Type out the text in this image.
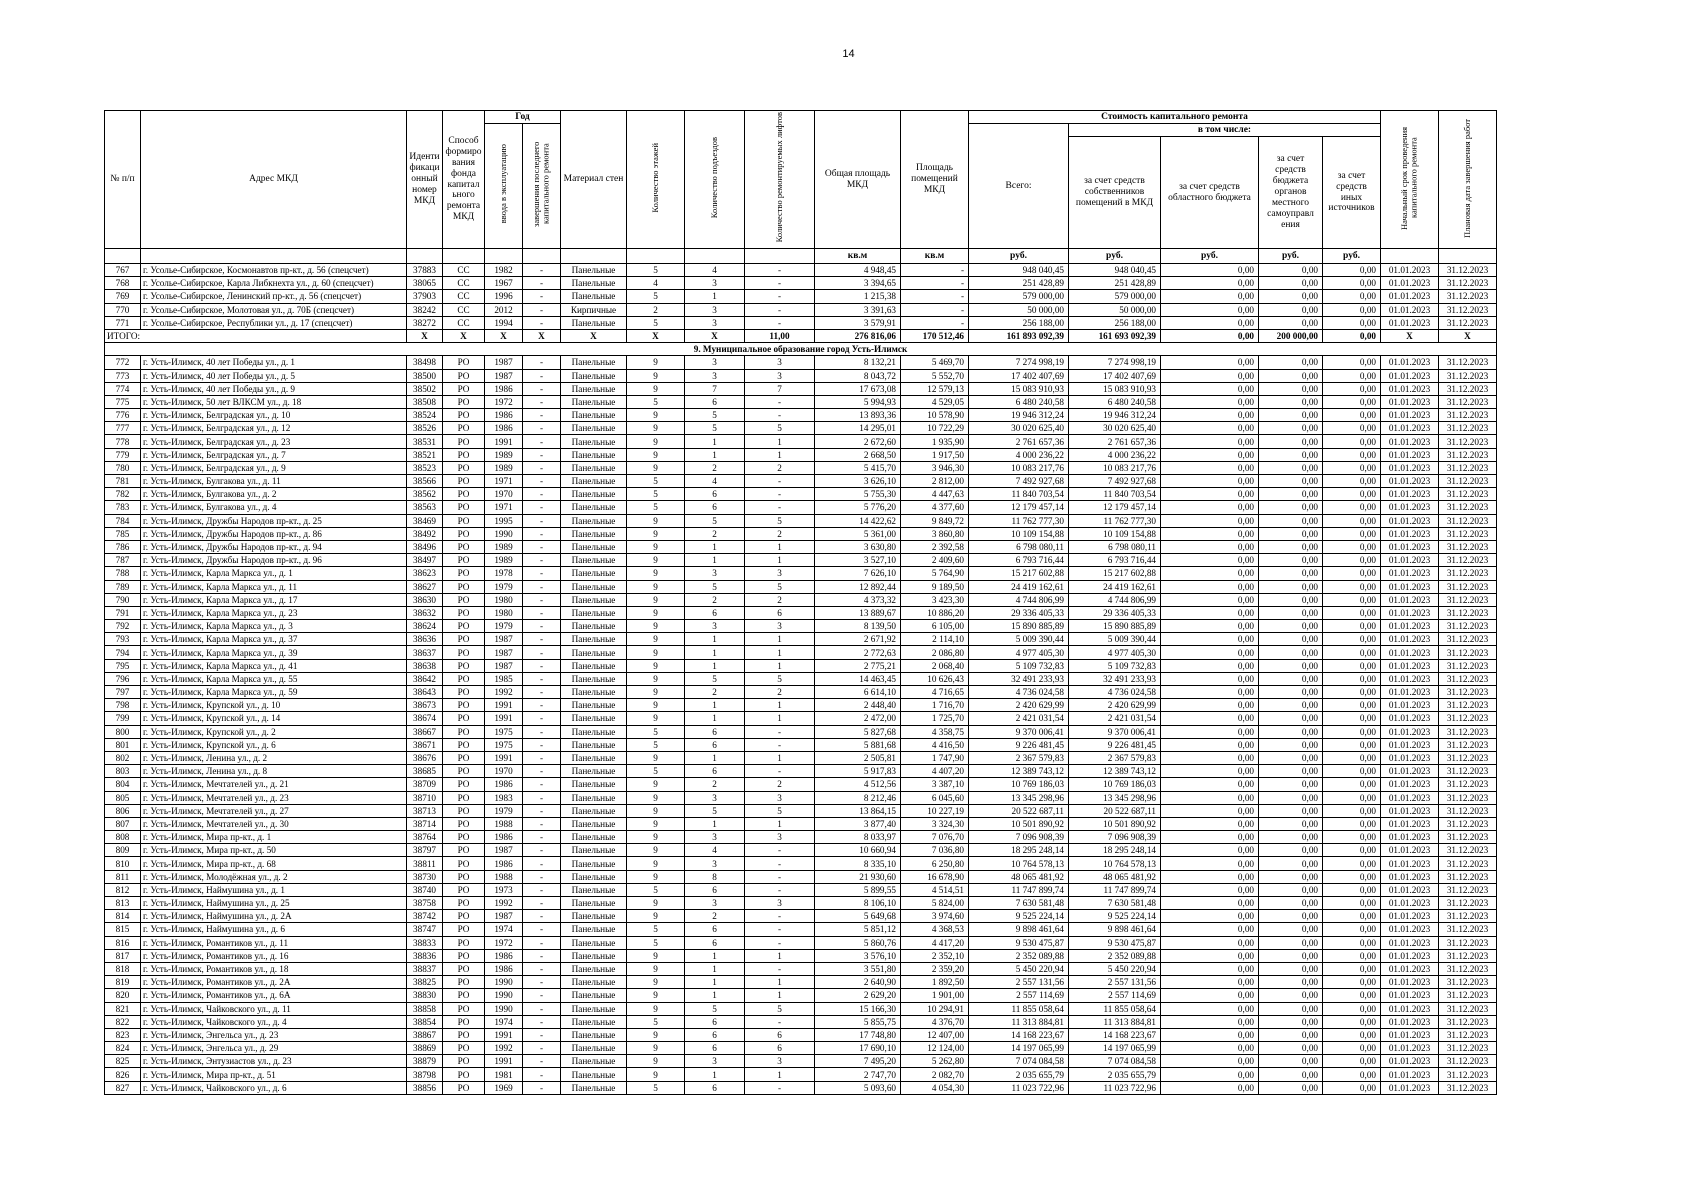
14
№ п/п	Адрес МКД	Иденти фикаци онный номер МКД	Способ формиро вания фонда капитал ьного ремонта МКД	Год		Материал стен	Количество этажей	Количество подъездов	Количество ремонтируемых лифтов	Общая площадь МКД	Площадь помещений МКД	Стоимость капитального ремонта					Начальный срок проведения капитального ремонта	Плановая дата завершения работ
				ввода в эксплуатацию	завершения последнего капитального ремонта							Всего:	в том числе:					
													за счет средств собственников помещений в МКД	за счет средств областного бюджета	за счет средств бюджета органов местного самоуправл ения	за счет средств иных источников		
										кв.м	кв.м	руб.	руб.	руб.	руб.	руб.		
767	г. Усолье-Сибирское, Космонавтов пр-кт., д. 56 (спецсчет)	37883	СС	1982	-	Панельные	5	4	-	4 948,45	-	948 040,45	948 040,45	0,00	0,00	0,00	01.01.2023	31.12.2023
768	г. Усолье-Сибирское, Карла Либкнехта ул., д. 60 (спецсчет)	38065	СС	1967	-	Панельные	4	3	-	3 394,65	-	251 428,89	251 428,89	0,00	0,00	0,00	01.01.2023	31.12.2023
769	г. Усолье-Сибирское, Ленинский пр-кт., д. 56 (спецсчет)	37903	СС	1996	-	Панельные	5	1	-	1 215,38	-	579 000,00	579 000,00	0,00	0,00	0,00	01.01.2023	31.12.2023
770	г. Усолье-Сибирское, Молотовая ул., д. 70Б (спецсчет)	38242	СС	2012	-	Кирпичные	2	3	-	3 391,63	-	50 000,00	50 000,00	0,00	0,00	0,00	01.01.2023	31.12.2023
771	г. Усолье-Сибирское, Республики ул., д. 17 (спецсчет)	38272	СС	1994	-	Панельные	5	3	-	3 579,91	-	256 188,00	256 188,00	0,00	0,00	0,00	01.01.2023	31.12.2023
ИТОГО:		X	X	X	X	X	X	X	11,00	276 816,06	170 512,46	161 893 092,39	161 693 092,39	0,00	200 000,00	0,00	X	X
9. Муниципальное образование город Усть-Илимск																		
772	г. Усть-Илимск, 40 лет Победы ул., д. 1	38498	РО	1987	-	Панельные	9	3	3	8 132,21	5 469,70	7 274 998,19	7 274 998,19	0,00	0,00	0,00	01.01.2023	31.12.2023
773	г. Усть-Илимск, 40 лет Победы ул., д. 5	38500	РО	1987	-	Панельные	9	3	3	8 043,72	5 552,70	17 402 407,69	17 402 407,69	0,00	0,00	0,00	01.01.2023	31.12.2023
774	г. Усть-Илимск, 40 лет Победы ул., д. 9	38502	РО	1986	-	Панельные	9	7	7	17 673,08	12 579,13	15 083 910,93	15 083 910,93	0,00	0,00	0,00	01.01.2023	31.12.2023
775	г. Усть-Илимск, 50 лет ВЛКСМ ул., д. 18	38508	РО	1972	-	Панельные	5	6	-	5 994,93	4 529,05	6 480 240,58	6 480 240,58	0,00	0,00	0,00	01.01.2023	31.12.2023
776	г. Усть-Илимск, Белградская ул., д. 10	38524	РО	1986	-	Панельные	9	5	-	13 893,36	10 578,90	19 946 312,24	19 946 312,24	0,00	0,00	0,00	01.01.2023	31.12.2023
777	г. Усть-Илимск, Белградская ул., д. 12	38526	РО	1986	-	Панельные	9	5	5	14 295,01	10 722,29	30 020 625,40	30 020 625,40	0,00	0,00	0,00	01.01.2023	31.12.2023
778	г. Усть-Илимск, Белградская ул., д. 23	38531	РО	1991	-	Панельные	9	1	1	2 672,60	1 935,90	2 761 657,36	2 761 657,36	0,00	0,00	0,00	01.01.2023	31.12.2023
779	г. Усть-Илимск, Белградская ул., д. 7	38521	РО	1989	-	Панельные	9	1	1	2 668,50	1 917,50	4 000 236,22	4 000 236,22	0,00	0,00	0,00	01.01.2023	31.12.2023
780	г. Усть-Илимск, Белградская ул., д. 9	38523	РО	1989	-	Панельные	9	2	2	5 415,70	3 946,30	10 083 217,76	10 083 217,76	0,00	0,00	0,00	01.01.2023	31.12.2023
781	г. Усть-Илимск, Булгакова ул., д. 11	38566	РО	1971	-	Панельные	5	4	-	3 626,10	2 812,00	7 492 927,68	7 492 927,68	0,00	0,00	0,00	01.01.2023	31.12.2023
782	г. Усть-Илимск, Булгакова ул., д. 2	38562	РО	1970	-	Панельные	5	6	-	5 755,30	4 447,63	11 840 703,54	11 840 703,54	0,00	0,00	0,00	01.01.2023	31.12.2023
783	г. Усть-Илимск, Булгакова ул., д. 4	38563	РО	1971	-	Панельные	5	6	-	5 776,20	4 377,60	12 179 457,14	12 179 457,14	0,00	0,00	0,00	01.01.2023	31.12.2023
784	г. Усть-Илимск, Дружбы Народов пр-кт., д. 25	38469	РО	1995	-	Панельные	9	5	5	14 422,62	9 849,72	11 762 777,30	11 762 777,30	0,00	0,00	0,00	01.01.2023	31.12.2023
785	г. Усть-Илимск, Дружбы Народов пр-кт., д. 86	38492	РО	1990	-	Панельные	9	2	2	5 361,00	3 860,80	10 109 154,88	10 109 154,88	0,00	0,00	0,00	01.01.2023	31.12.2023
786	г. Усть-Илимск, Дружбы Народов пр-кт., д. 94	38496	РО	1989	-	Панельные	9	1	1	3 630,80	2 392,58	6 798 080,11	6 798 080,11	0,00	0,00	0,00	01.01.2023	31.12.2023
787	г. Усть-Илимск, Дружбы Народов пр-кт., д. 96	38497	РО	1989	-	Панельные	9	1	1	3 527,10	2 409,60	6 793 716,44	6 793 716,44	0,00	0,00	0,00	01.01.2023	31.12.2023
788	г. Усть-Илимск, Карла Маркса ул., д. 1	38623	РО	1978	-	Панельные	9	3	3	7 626,10	5 764,90	15 217 602,88	15 217 602,88	0,00	0,00	0,00	01.01.2023	31.12.2023
789	г. Усть-Илимск, Карла Маркса ул., д. 11	38627	РО	1979	-	Панельные	9	5	5	12 892,44	9 189,50	24 419 162,61	24 419 162,61	0,00	0,00	0,00	01.01.2023	31.12.2023
790	г. Усть-Илимск, Карла Маркса ул., д. 17	38630	РО	1980	-	Панельные	9	2	2	4 373,32	3 423,30	4 744 806,99	4 744 806,99	0,00	0,00	0,00	01.01.2023	31.12.2023
791	г. Усть-Илимск, Карла Маркса ул., д. 23	38632	РО	1980	-	Панельные	9	6	6	13 889,67	10 886,20	29 336 405,33	29 336 405,33	0,00	0,00	0,00	01.01.2023	31.12.2023
792	г. Усть-Илимск, Карла Маркса ул., д. 3	38624	РО	1979	-	Панельные	9	3	3	8 139,50	6 105,00	15 890 885,89	15 890 885,89	0,00	0,00	0,00	01.01.2023	31.12.2023
793	г. Усть-Илимск, Карла Маркса ул., д. 37	38636	РО	1987	-	Панельные	9	1	1	2 671,92	2 114,10	5 009 390,44	5 009 390,44	0,00	0,00	0,00	01.01.2023	31.12.2023
794	г. Усть-Илимск, Карла Маркса ул., д. 39	38637	РО	1987	-	Панельные	9	1	1	2 772,63	2 086,80	4 977 405,30	4 977 405,30	0,00	0,00	0,00	01.01.2023	31.12.2023
795	г. Усть-Илимск, Карла Маркса ул., д. 41	38638	РО	1987	-	Панельные	9	1	1	2 775,21	2 068,40	5 109 732,83	5 109 732,83	0,00	0,00	0,00	01.01.2023	31.12.2023
796	г. Усть-Илимск, Карла Маркса ул., д. 55	38642	РО	1985	-	Панельные	9	5	5	14 463,45	10 626,43	32 491 233,93	32 491 233,93	0,00	0,00	0,00	01.01.2023	31.12.2023
797	г. Усть-Илимск, Карла Маркса ул., д. 59	38643	РО	1992	-	Панельные	9	2	2	6 614,10	4 716,65	4 736 024,58	4 736 024,58	0,00	0,00	0,00	01.01.2023	31.12.2023
798	г. Усть-Илимск, Крупской ул., д. 10	38673	РО	1991	-	Панельные	9	1	1	2 448,40	1 716,70	2 420 629,99	2 420 629,99	0,00	0,00	0,00	01.01.2023	31.12.2023
799	г. Усть-Илимск, Крупской ул., д. 14	38674	РО	1991	-	Панельные	9	1	1	2 472,00	1 725,70	2 421 031,54	2 421 031,54	0,00	0,00	0,00	01.01.2023	31.12.2023
800	г. Усть-Илимск, Крупской ул., д. 2	38667	РО	1975	-	Панельные	5	6	-	5 827,68	4 358,75	9 370 006,41	9 370 006,41	0,00	0,00	0,00	01.01.2023	31.12.2023
801	г. Усть-Илимск, Крупской ул., д. 6	38671	РО	1975	-	Панельные	5	6	-	5 881,68	4 416,50	9 226 481,45	9 226 481,45	0,00	0,00	0,00	01.01.2023	31.12.2023
802	г. Усть-Илимск, Ленина ул., д. 2	38676	РО	1991	-	Панельные	9	1	1	2 505,81	1 747,90	2 367 579,83	2 367 579,83	0,00	0,00	0,00	01.01.2023	31.12.2023
803	г. Усть-Илимск, Ленина ул., д. 8	38685	РО	1970	-	Панельные	5	6	-	5 917,83	4 407,20	12 389 743,12	12 389 743,12	0,00	0,00	0,00	01.01.2023	31.12.2023
804	г. Усть-Илимск, Мечтателей ул., д. 21	38709	РО	1986	-	Панельные	9	2	2	4 512,56	3 387,10	10 769 186,03	10 769 186,03	0,00	0,00	0,00	01.01.2023	31.12.2023
805	г. Усть-Илимск, Мечтателей ул., д. 23	38710	РО	1983	-	Панельные	9	3	3	8 212,46	6 045,60	13 345 298,96	13 345 298,96	0,00	0,00	0,00	01.01.2023	31.12.2023
806	г. Усть-Илимск, Мечтателей ул., д. 27	38713	РО	1979	-	Панельные	9	5	5	13 864,15	10 227,19	20 522 687,11	20 522 687,11	0,00	0,00	0,00	01.01.2023	31.12.2023
807	г. Усть-Илимск, Мечтателей ул., д. 30	38714	РО	1988	-	Панельные	9	1	1	3 877,40	3 324,30	10 501 890,92	10 501 890,92	0,00	0,00	0,00	01.01.2023	31.12.2023
808	г. Усть-Илимск, Мира пр-кт., д. 1	38764	РО	1986	-	Панельные	9	3	3	8 033,97	7 076,70	7 096 908,39	7 096 908,39	0,00	0,00	0,00	01.01.2023	31.12.2023
809	г. Усть-Илимск, Мира пр-кт., д. 50	38797	РО	1987	-	Панельные	9	4	-	10 660,94	7 036,80	18 295 248,14	18 295 248,14	0,00	0,00	0,00	01.01.2023	31.12.2023
810	г. Усть-Илимск, Мира пр-кт., д. 68	38811	РО	1986	-	Панельные	9	3	-	8 335,10	6 250,80	10 764 578,13	10 764 578,13	0,00	0,00	0,00	01.01.2023	31.12.2023
811	г. Усть-Илимск, Молодёжная ул., д. 2	38730	РО	1988	-	Панельные	9	8	-	21 930,60	16 678,90	48 065 481,92	48 065 481,92	0,00	0,00	0,00	01.01.2023	31.12.2023
812	г. Усть-Илимск, Наймушина ул., д. 1	38740	РО	1973	-	Панельные	5	6	-	5 899,55	4 514,51	11 747 899,74	11 747 899,74	0,00	0,00	0,00	01.01.2023	31.12.2023
813	г. Усть-Илимск, Наймушина ул., д. 25	38758	РО	1992	-	Панельные	9	3	3	8 106,10	5 824,00	7 630 581,48	7 630 581,48	0,00	0,00	0,00	01.01.2023	31.12.2023
814	г. Усть-Илимск, Наймушина ул., д. 2А	38742	РО	1987	-	Панельные	9	2	-	5 649,68	3 974,60	9 525 224,14	9 525 224,14	0,00	0,00	0,00	01.01.2023	31.12.2023
815	г. Усть-Илимск, Наймушина ул., д. 6	38747	РО	1974	-	Панельные	5	6	-	5 851,12	4 368,53	9 898 461,64	9 898 461,64	0,00	0,00	0,00	01.01.2023	31.12.2023
816	г. Усть-Илимск, Романтиков ул., д. 11	38833	РО	1972	-	Панельные	5	6	-	5 860,76	4 417,20	9 530 475,87	9 530 475,87	0,00	0,00	0,00	01.01.2023	31.12.2023
817	г. Усть-Илимск, Романтиков ул., д. 16	38836	РО	1986	-	Панельные	9	1	1	3 576,10	2 352,10	2 352 089,88	2 352 089,88	0,00	0,00	0,00	01.01.2023	31.12.2023
818	г. Усть-Илимск, Романтиков ул., д. 18	38837	РО	1986	-	Панельные	9	1	-	3 551,80	2 359,20	5 450 220,94	5 450 220,94	0,00	0,00	0,00	01.01.2023	31.12.2023
819	г. Усть-Илимск, Романтиков ул., д. 2А	38825	РО	1990	-	Панельные	9	1	1	2 640,90	1 892,50	2 557 131,56	2 557 131,56	0,00	0,00	0,00	01.01.2023	31.12.2023
820	г. Усть-Илимск, Романтиков ул., д. 6А	38830	РО	1990	-	Панельные	9	1	1	2 629,20	1 901,00	2 557 114,69	2 557 114,69	0,00	0,00	0,00	01.01.2023	31.12.2023
821	г. Усть-Илимск, Чайковского ул., д. 11	38858	РО	1990	-	Панельные	9	5	5	15 166,30	10 294,91	11 855 058,64	11 855 058,64	0,00	0,00	0,00	01.01.2023	31.12.2023
822	г. Усть-Илимск, Чайковского ул., д. 4	38854	РО	1974	-	Панельные	5	6	-	5 855,75	4 376,70	11 313 884,81	11 313 884,81	0,00	0,00	0,00	01.01.2023	31.12.2023
823	г. Усть-Илимск, Энгельса ул., д. 23	38867	РО	1991	-	Панельные	9	6	6	17 748,80	12 407,00	14 168 223,67	14 168 223,67	0,00	0,00	0,00	01.01.2023	31.12.2023
824	г. Усть-Илимск, Энгельса ул., д. 29	38869	РО	1992	-	Панельные	9	6	6	17 690,10	12 124,00	14 197 065,99	14 197 065,99	0,00	0,00	0,00	01.01.2023	31.12.2023
825	г. Усть-Илимск, Энтузиастов ул., д. 23	38879	РО	1991	-	Панельные	9	3	3	7 495,20	5 262,80	7 074 084,58	7 074 084,58	0,00	0,00	0,00	01.01.2023	31.12.2023
826	г. Усть-Илимск, Мира пр-кт., д. 51	38798	РО	1981	-	Панельные	9	1	1	2 747,70	2 082,70	2 035 655,79	2 035 655,79	0,00	0,00	0,00	01.01.2023	31.12.2023
827	г. Усть-Илимск, Чайковского ул., д. 6	38856	РО	1969	-	Панельные	5	6	-	5 093,60	4 054,30	11 023 722,96	11 023 722,96	0,00	0,00	0,00	01.01.2023	31.12.2023
